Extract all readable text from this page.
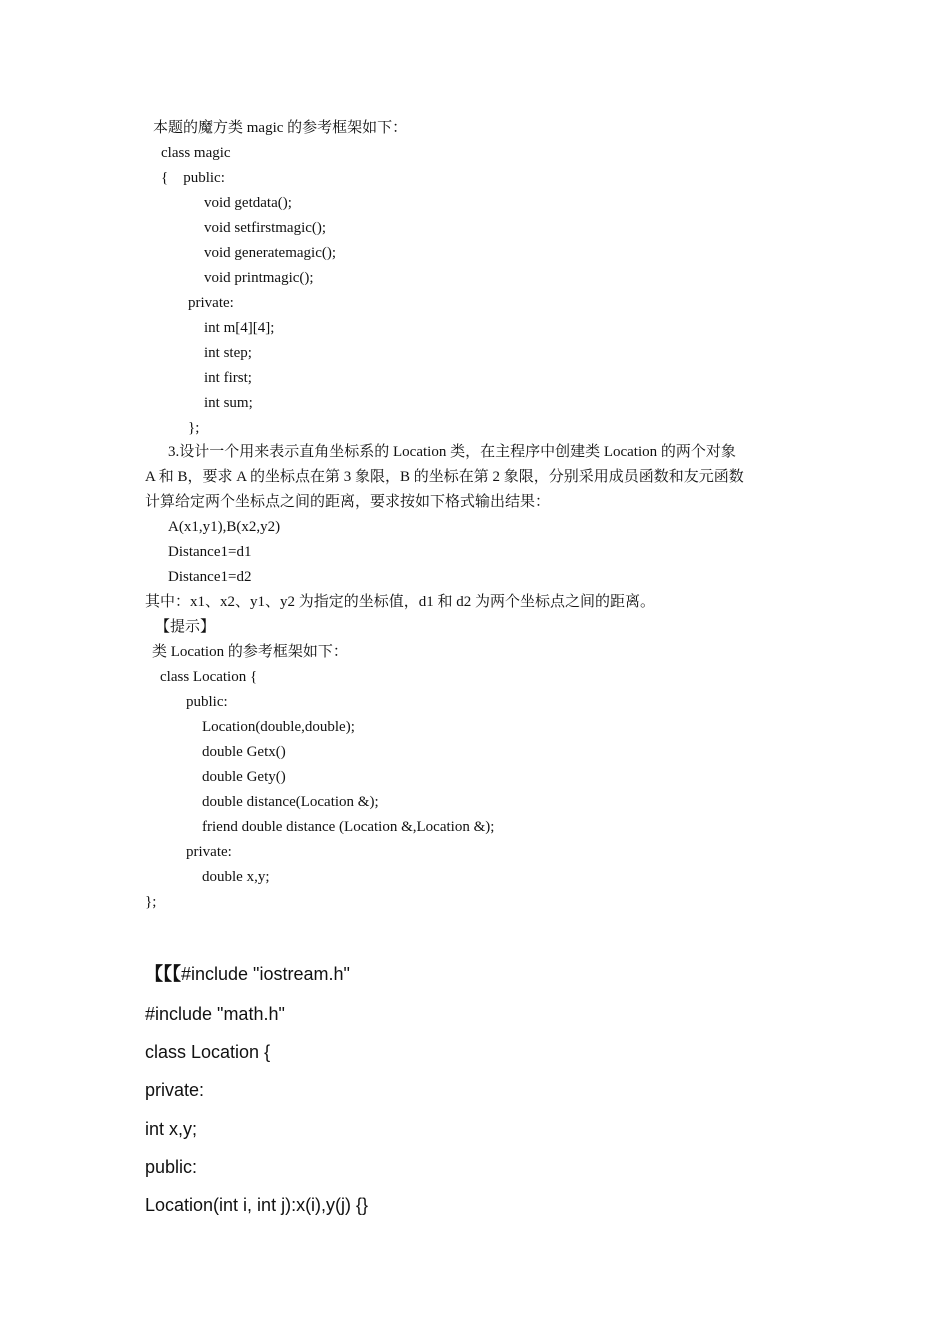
本题的魔方类 magic 的参考框架如下：
class magic
{    public:
void getdata();
void setfirstmagic();
void generatemagic();
void printmagic();
private:
int m[4][4];
int step;
int first;
int sum;
};
3.设计一个用来表示直角坐标系的 Location 类，在主程序中创建类 Location 的两个对象
A 和 B，要求 A 的坐标点在第 3 象限，B 的坐标在第 2 象限，分别采用成员函数和友元函数
计算给定两个坐标点之间的距离，要求按如下格式输出结果：
A(x1,y1),B(x2,y2)
Distance1=d1
Distance1=d2
其中：x1、x2、y1、y2 为指定的坐标值，d1 和 d2 为两个坐标点之间的距离。
【提示】
类 Location 的参考框架如下：
class Location {
public:
Location(double,double);
double Getx()
double Gety()
double distance(Location &);
friend double distance (Location &,Location &);
private:
double x,y;
};
【【【#include "iostream.h"
#include "math.h"
class Location {
private:
int x,y;
public:
Location(int i, int j):x(i),y(j) {}
